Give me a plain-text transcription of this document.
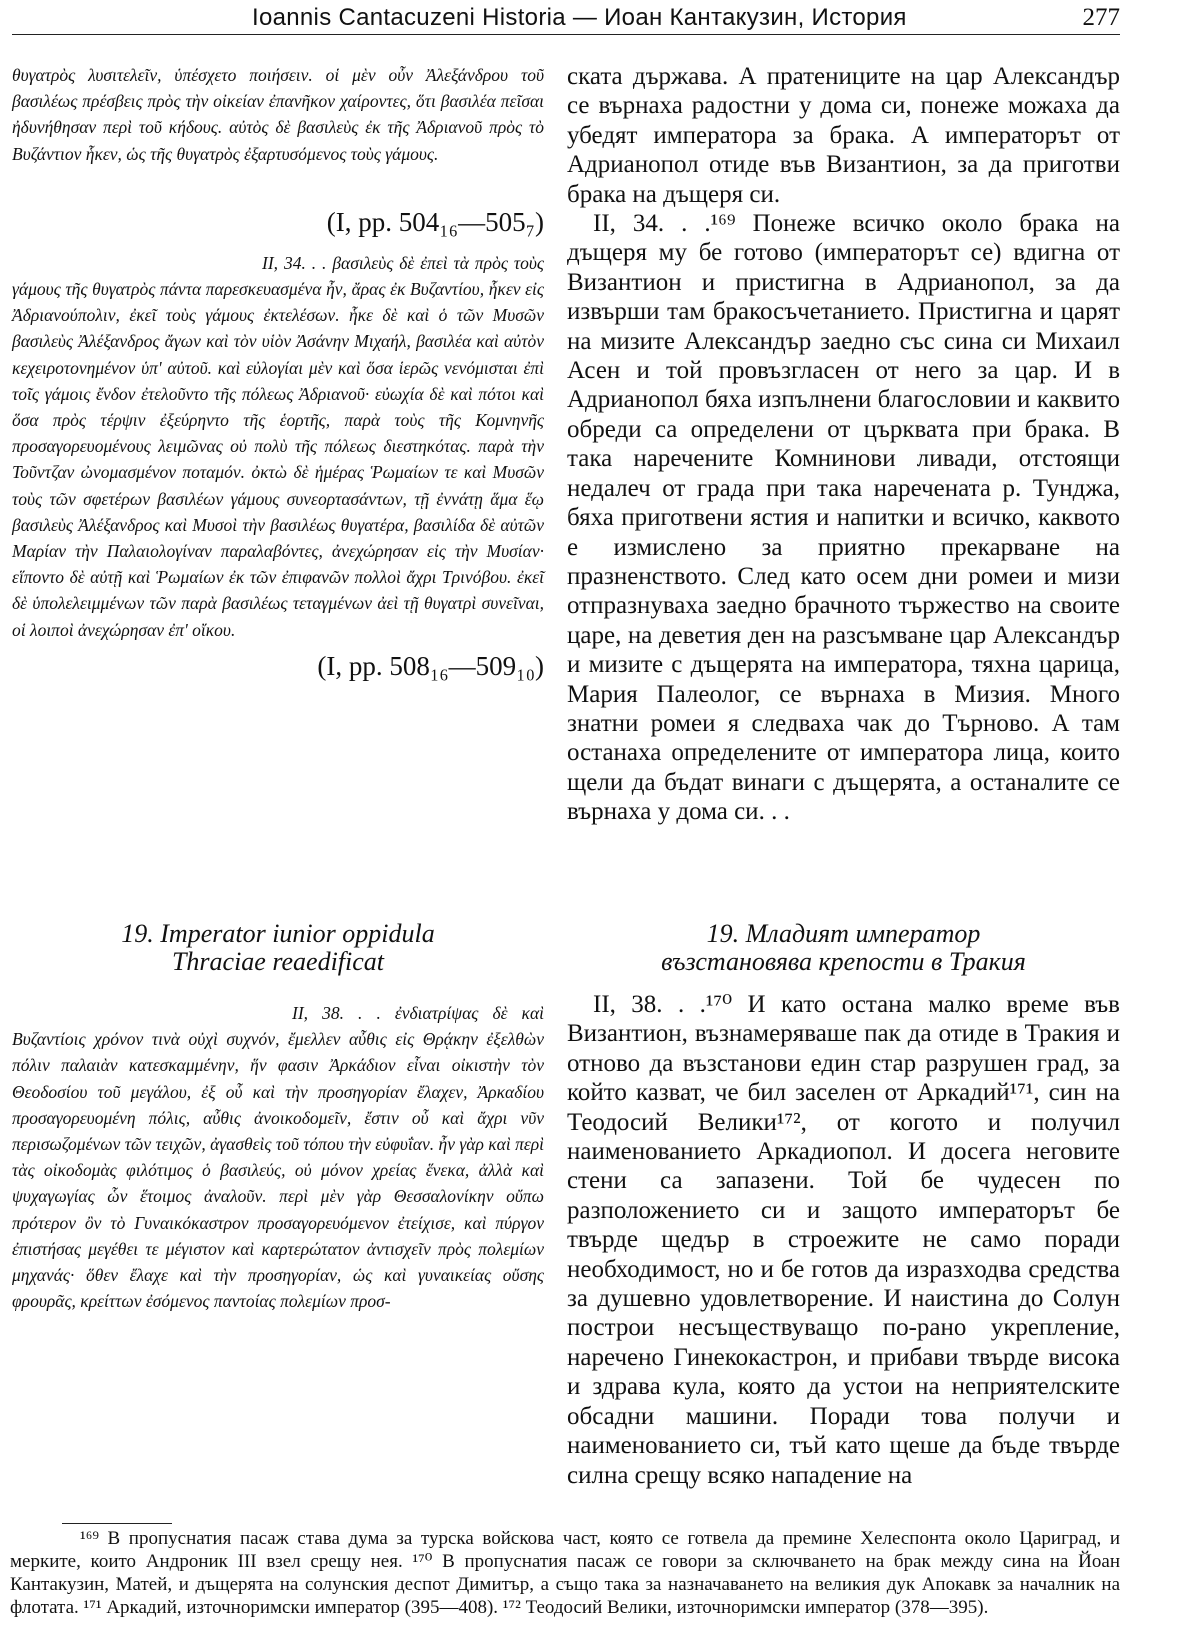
Ioannis Cantacuzeni Historia — Иоан Кантакузин, История	277

θυγατρὸς λυσιτελεῖν, ὑπέσχετο ποιήσειν. οἱ μὲν οὖν Ἀλεξάνδρου τοῦ βασιλέως πρέσβεις πρὸς τὴν οἰκείαν ἐπανῆκον χαίροντες, ὅτι βασιλέα πεῖσαι ἠδυνήθησαν περὶ τοῦ κήδους. αὐτὸς δὲ βασιλεὺς ἐκ τῆς Ἀδριανοῦ πρὸς τὸ Βυζάντιον ἧκεν, ὡς τῆς θυγατρὸς ἐξαρτυσόμενος τοὺς γάμους.

(I, pp. 504₁₆—505₇)

II, 34. . . βασιλεὺς δὲ ἐπεὶ τὰ πρὸς τοὺς γάμους τῆς θυγατρὸς πάντα παρεσκευασμένα ἦν, ἄρας ἐκ Βυζαντίου, ἧκεν εἰς Ἀδριανούπολιν, ἐκεῖ τοὺς γάμους ἐκτελέσων. ἧκε δὲ καὶ ὁ τῶν Μυσῶν βασιλεὺς Ἀλέξανδρος ἄγων καὶ τὸν υἱὸν Ἀσάνην Μιχαήλ, βασιλέα καὶ αὐτὸν κεχειροτονημένον ὑπ' αὐτοῦ. καὶ εὐλογίαι μὲν καὶ ὅσα ἱερῶς νενόμισται ἐπὶ τοῖς γάμοις ἔνδον ἐτελοῦντο τῆς πόλεως Ἀδριανοῦ· εὐωχία δὲ καὶ πότοι καὶ ὅσα πρὸς τέρψιν ἐξεύρηντο τῆς ἑορτῆς, παρὰ τοὺς τῆς Κομνηνῆς προσαγορευομένους λειμῶνας οὐ πολὺ τῆς πόλεως διεστηκότας. παρὰ τὴν Τοῦντζαν ὠνομασμένον ποταμόν. ὀκτὼ δὲ ἡμέρας Ῥωμαίων τε καὶ Μυσῶν τοὺς τῶν σφετέρων βασιλέων γάμους συνεορτασάντων, τῇ ἐννάτῃ ἅμα ἕῳ βασιλεὺς Ἀλέξανδρος καὶ Μυσοὶ τὴν βασιλέως θυγατέρα, βασιλίδα δὲ αὐτῶν Μαρίαν τὴν Παλαιολογίναν παραλαβόντες, ἀνεχώρησαν εἰς τὴν Μυσίαν· εἵποντο δὲ αὐτῇ καὶ Ῥωμαίων ἐκ τῶν ἐπιφανῶν πολλοὶ ἄχρι Τρινόβου. ἐκεῖ δὲ ὑπολελειμμένων τῶν παρὰ βασιλέως τεταγμένων ἀεὶ τῇ θυγατρὶ συνεῖναι, οἱ λοιποὶ ἀνεχώρησαν ἐπ' οἴκου.

(I, pp. 508₁₆—509₁₀)

ската държава. А пратениците на цар Александър се върнаха радостни у дома си, понеже можаха да убедят императора за брака. А императорът от Адрианопол отиде във Византион, за да приготви брака на дъщеря си.

II, 34. . .¹⁶⁹ Понеже всичко около брака на дъщеря му бе готово (императорът се) вдигна от Византион и пристигна в Адрианопол, за да извърши там бракосъчетанието. Пристигна и царят на мизите Александър заедно със сина си Михаил Асен и той провъзгласен от него за цар. И в Адрианопол бяха изпълнени благословии и каквито обреди са определени от църквата при брака. В така наречените Комнинови ливади, отстоящи недалеч от града при така наречената р. Тунджа, бяха приготвени ястия и напитки и всичко, каквото е измислено за приятно прекарване на празненството. След като осем дни ромеи и мизи отпразнуваха заедно брачното тържество на своите царе, на деветия ден на разсъмване цар Александър и мизите с дъщерята на императора, тяхна царица, Мария Палеолог, се върнаха в Мизия. Много знатни ромеи я следваха чак до Търново. А там останаха определените от императора лица, които щели да бъдат винаги с дъщерята, а останалите се върнаха у дома си. . .

19. Imperator iunior oppidula
Thraciae reaedificat
19. Младият император
възстановява крепости в Тракия

II, 38. . . ἐνδιατρίψας δὲ καὶ Βυζαντίοις χρόνον τινὰ οὐχὶ συχνόν, ἔμελλεν αὖθις εἰς Θρᾴκην ἐξελθὼν πόλιν παλαιὰν κατεσκαμμένην, ἥν φασιν Ἀρκάδιον εἶναι οἰκιστὴν τὸν Θεοδοσίου τοῦ μεγάλου, ἐξ οὗ καὶ τὴν προσηγορίαν ἔλαχεν, Ἀρκαδίου προσαγορευομένη πόλις, αὖθις ἀνοικοδομεῖν, ἔστιν οὗ καὶ ἄχρι νῦν περισωζομένων τῶν τειχῶν, ἀγασθεὶς τοῦ τόπου τὴν εὐφυΐαν. ἦν γὰρ καὶ περὶ τὰς οἰκοδομὰς φιλότιμος ὁ βασιλεύς, οὐ μόνον χρείας ἕνεκα, ἀλλὰ καὶ ψυχαγωγίας ὧν ἕτοιμος ἀναλοῦν. περὶ μὲν γὰρ Θεσσαλονίκην οὔπω πρότερον ὂν τὸ Γυναικόκαστρον προσαγορευόμενον ἐτείχισε, καὶ πύργον ἐπιστήσας μεγέθει τε μέγιστον καὶ καρτερώτατον ἀντισχεῖν πρὸς πολεμίων μηχανάς· ὅθεν ἔλαχε καὶ τὴν προσηγορίαν, ὡς καὶ γυναικείας οὔσης φρουρᾶς, κρείττων ἐσόμενος παντοίας πολεμίων προσ-

II, 38. . .¹⁷⁰ И като остана малко време във Византион, възнамеряваше пак да отиде в Тракия и отново да възстанови един стар разрушен град, за който казват, че бил заселен от Аркадий¹⁷¹, син на Теодосий Велики¹⁷², от когото и получил наименованието Аркадиопол. И досега неговите стени са запазени. Той бе чудесен по разположението си и защото императорът бе твърде щедър в строежите не само поради необходимост, но и бе готов да изразходва средства за душевно удовлетворение. И наистина до Солун построи несъществуващо по-рано укрепление, наречено Гинекокастрон, и прибави твърде висока и здрава кула, която да устои на неприятелските обсадни машини. Поради това получи и наименованието си, тъй като щеше да бъде твърде силна срещу всяко нападение на

¹⁶⁹ В пропуснатия пасаж става дума за турска войскова част, която се готвела да премине Хелеспонта около Цариград, и мерките, които Андроник III взел срещу нея. ¹⁷⁰ В пропуснатия пасаж се говори за сключването на брак между сина на Йоан Кантакузин, Матей, и дъщерята на солунския деспот Димитър, а също така за назначаването на великия дук Апокавк за началник на флотата. ¹⁷¹ Аркадий, източноримски император (395—408). ¹⁷² Теодосий Велики, източноримски император (378—395).
